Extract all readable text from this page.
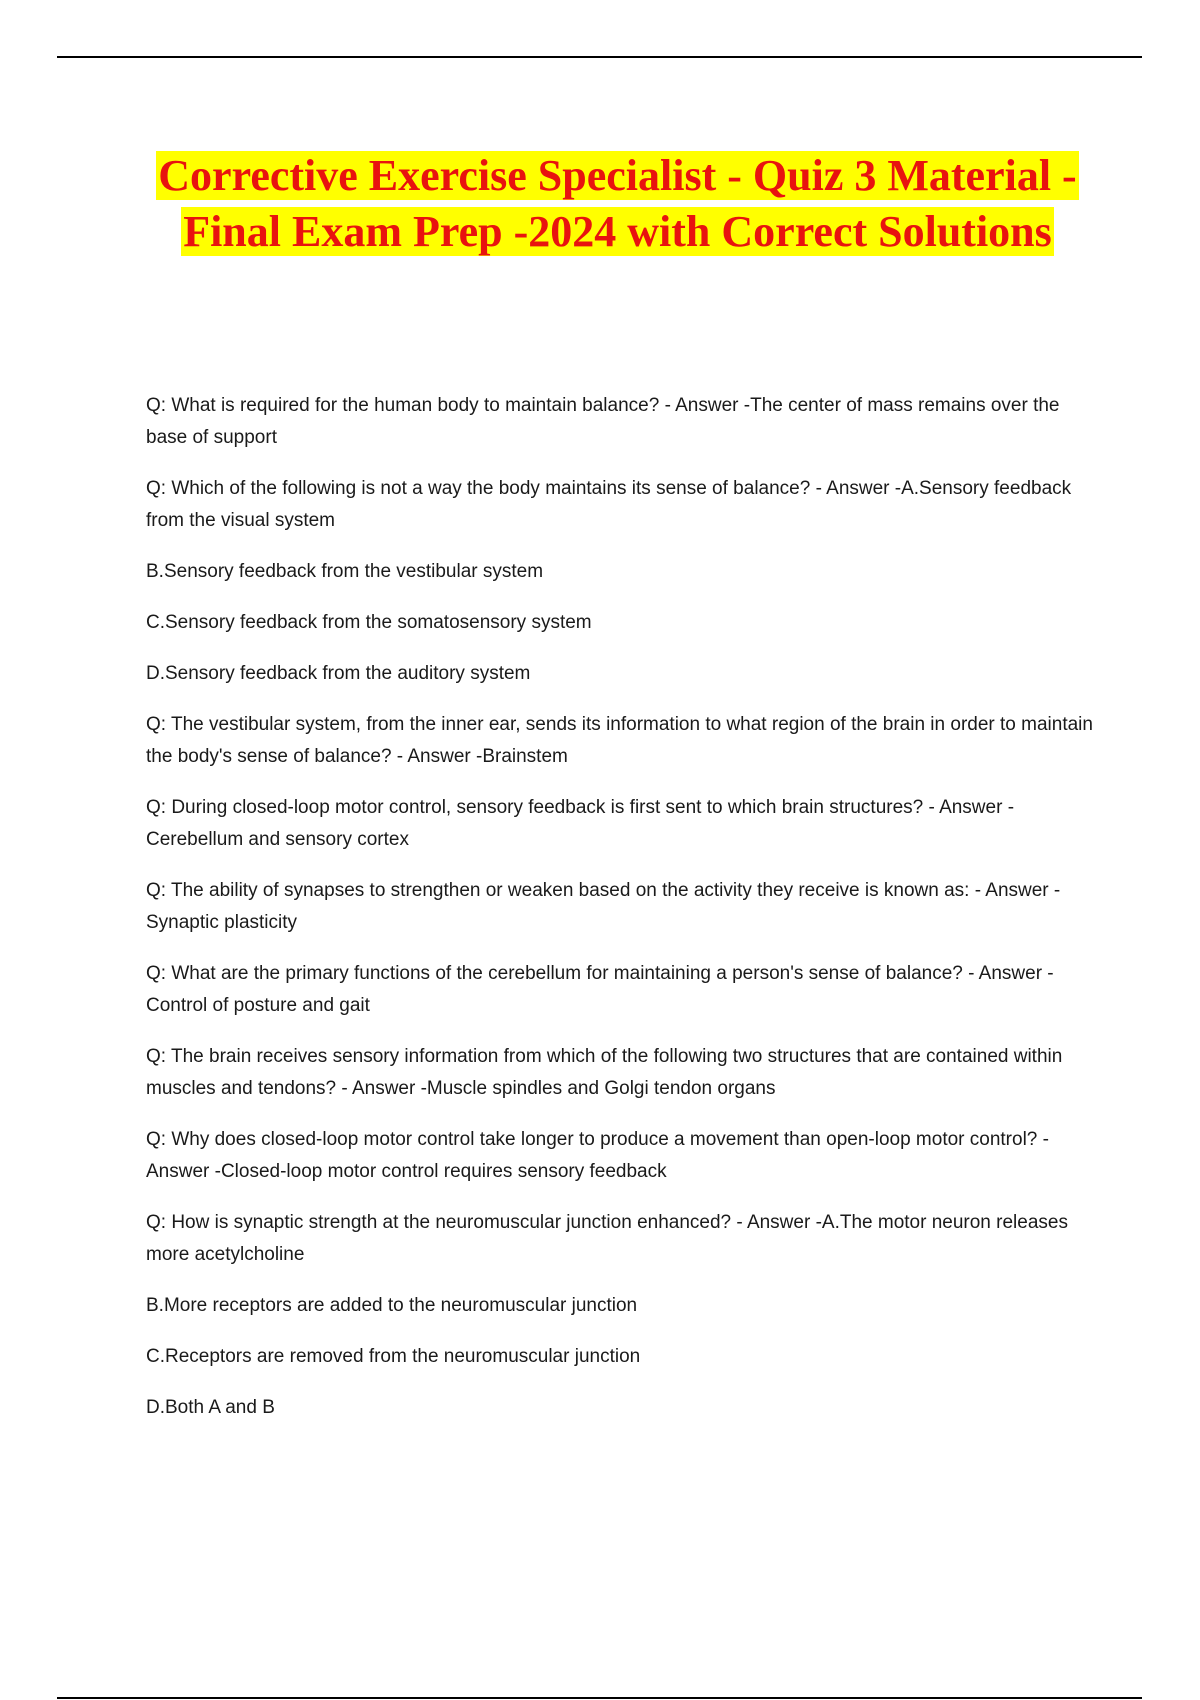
Corrective Exercise Specialist - Quiz 3 Material - Final Exam Prep -2024 with Correct Solutions

Q: What is required for the human body to maintain balance? - Answer -The center of mass remains over the base of support

Q: Which of the following is not a way the body maintains its sense of balance? - Answer -A.Sensory feedback from the visual system

B.Sensory feedback from the vestibular system

C.Sensory feedback from the somatosensory system

D.Sensory feedback from the auditory system

Q: The vestibular system, from the inner ear, sends its information to what region of the brain in order to maintain the body's sense of balance? - Answer -Brainstem

Q: During closed-loop motor control, sensory feedback is first sent to which brain structures? - Answer - Cerebellum and sensory cortex

Q: The ability of synapses to strengthen or weaken based on the activity they receive is known as: - Answer -Synaptic plasticity

Q: What are the primary functions of the cerebellum for maintaining a person's sense of balance? - Answer -Control of posture and gait

Q: The brain receives sensory information from which of the following two structures that are contained within muscles and tendons? - Answer -Muscle spindles and Golgi tendon organs

Q: Why does closed-loop motor control take longer to produce a movement than open-loop motor control? - Answer -Closed-loop motor control requires sensory feedback

Q: How is synaptic strength at the neuromuscular junction enhanced? - Answer -A.The motor neuron releases more acetylcholine

B.More receptors are added to the neuromuscular junction

C.Receptors are removed from the neuromuscular junction

D.Both A and B
